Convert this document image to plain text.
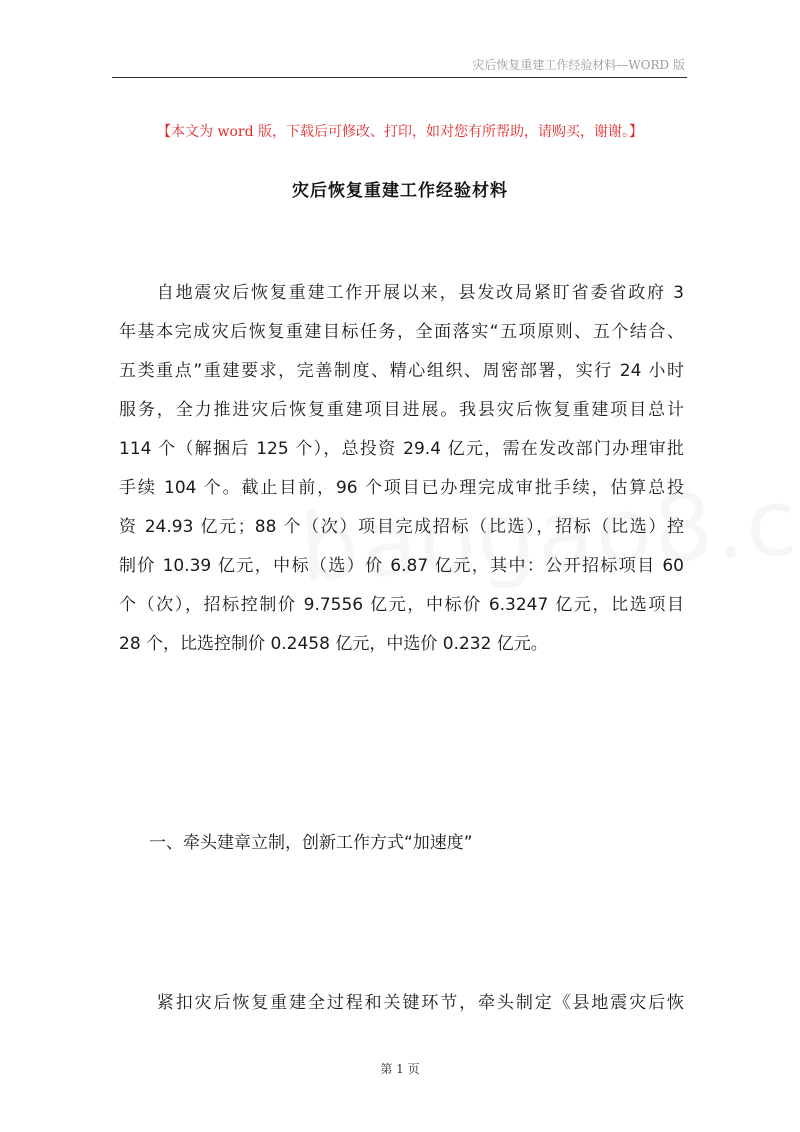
灾后恢复重建工作经验材料—WORD 版
【本文为 word 版，下载后可修改、打印，如对您有所帮助，请购买，谢谢。】
灾后恢复重建工作经验材料
　　自地震灾后恢复重建工作开展以来，县发改局紧盯省委省政府 3
年基本完成灾后恢复重建目标任务，全面落实“五项原则、五个结合、
五类重点”重建要求，完善制度、精心组织、周密部署，实行 24 小时
服务，全力推进灾后恢复重建项目进展。我县灾后恢复重建项目总计
114 个（解捆后 125 个），总投资 29.4 亿元，需在发改部门办理审批
手续 104 个。截止目前，96 个项目已办理完成审批手续，估算总投
资 24.93 亿元；88 个（次）项目完成招标（比选），招标（比选）控
制价 10.39 亿元，中标（选）价 6.87 亿元，其中：公开招标项目 60
个（次），招标控制价 9.7556 亿元，中标价 6.3247 亿元，比选项目
28 个，比选控制价 0.2458 亿元，中选价 0.232 亿元。
一、牵头建章立制，创新工作方式“加速度”
　　紧扣灾后恢复重建全过程和关键环节，牵头制定《县地震灾后恢
第 1 页
